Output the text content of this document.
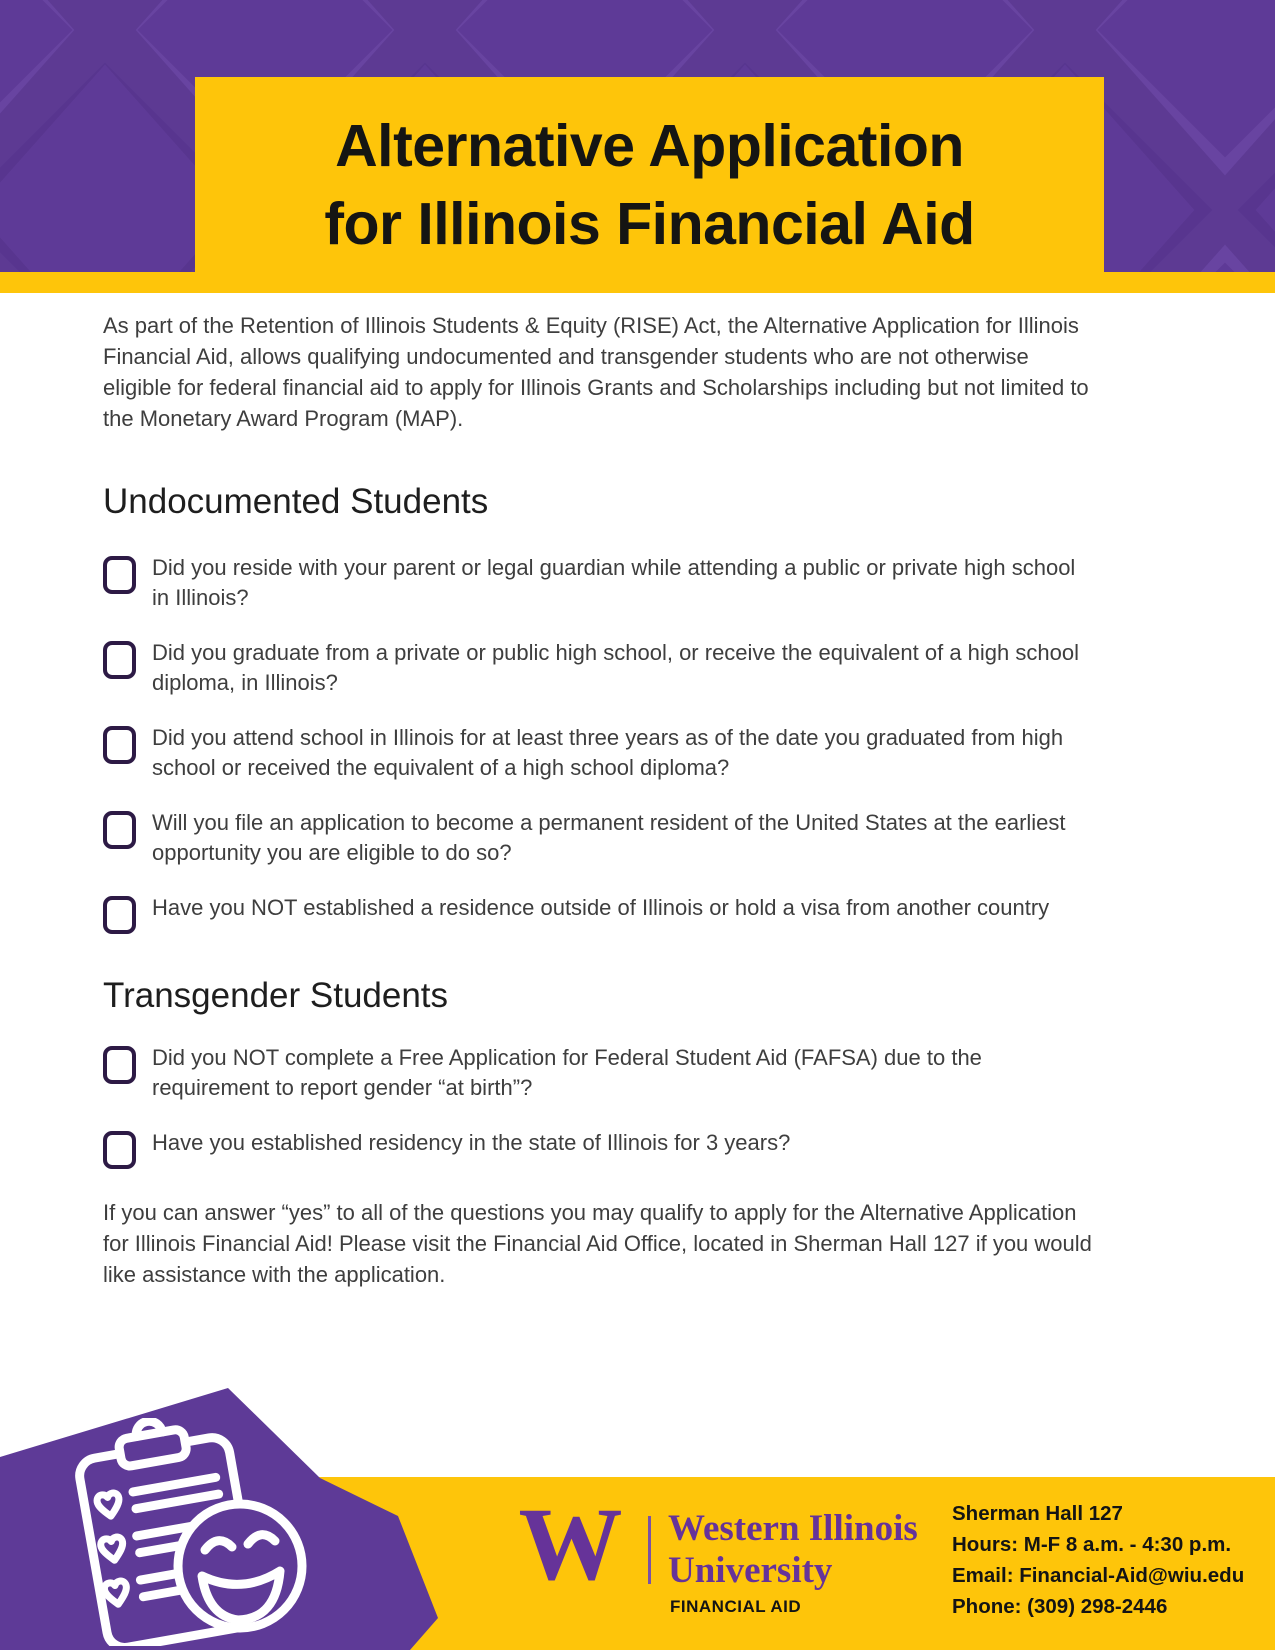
Alternative Application
for Illinois Financial Aid

As part of the Retention of Illinois Students & Equity (RISE) Act, the Alternative Application for Illinois Financial Aid, allows qualifying undocumented and transgender students who are not otherwise eligible for federal financial aid to apply for Illinois Grants and Scholarships including but not limited to the Monetary Award Program (MAP).

Undocumented Students
Did you reside with your parent or legal guardian while attending a public or private high school in Illinois?
Did you graduate from a private or public high school, or receive the equivalent of a high school diploma, in Illinois?
Did you attend school in Illinois for at least three years as of the date you graduated from high school or received the equivalent of a high school diploma?
Will you file an application to become a permanent resident of the United States at the earliest opportunity you are eligible to do so?
Have you NOT established a residence outside of Illinois or hold a visa from another country
Transgender Students
Did you NOT complete a Free Application for Federal Student Aid (FAFSA) due to the requirement to report gender “at birth”?
Have you established residency in the state of Illinois for 3 years?

If you can answer “yes” to all of the questions you may qualify to apply for the Alternative Application for Illinois Financial Aid! Please visit the Financial Aid Office, located in Sherman Hall 127 if you would like assistance with the application.

W Western Illinois
University
FINANCIAL AID
Sherman Hall 127
Hours: M-F 8 a.m. - 4:30 p.m.
Email: Financial-Aid@wiu.edu
Phone: (309) 298-2446
